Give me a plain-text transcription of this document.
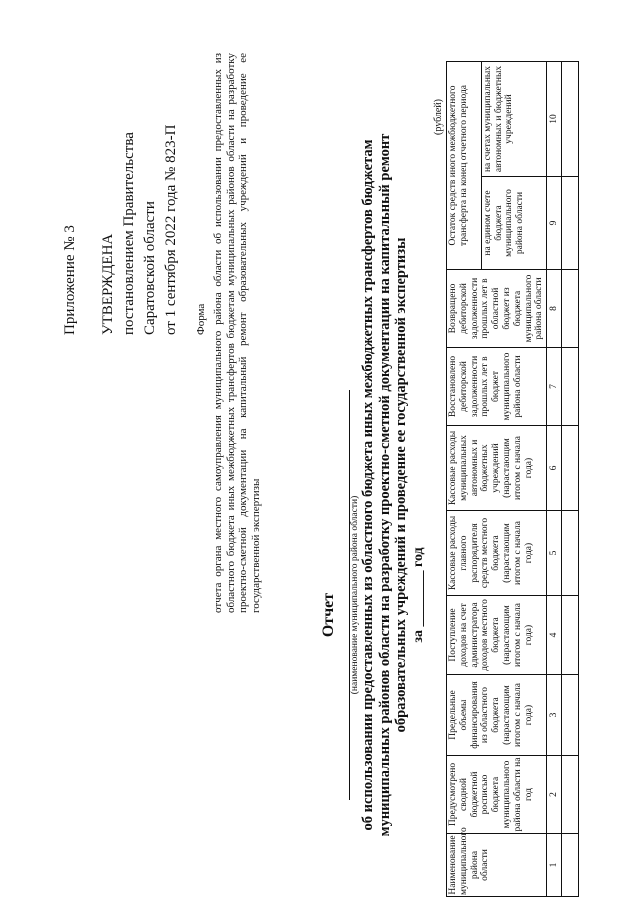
Приложение № 3 УТВЕРЖДЕНА постановлением Правительства Саратовской области от 1 сентября 2022 года № 823-П Форма отчета органа местного самоуправления муниципального района области об использовании предоставленных из областного бюджета иных межбюджетных трансфертов бюджетам муниципальных районов области на разработку проектно-сметной документации на капитальный ремонт образовательных учреждений и проведение ее государственной экспертизы
Отчет (наименование муниципального района области) об использовании предоставленных из областного бюджета иных межбюджетных трансфертов бюджетам муниципальных районов области на разработку проектно-сметной документации на капитальный ремонт образовательных учреждений и проведение ее государственной экспертизы за ________ год
(рублей)
Наименование муниципального района области	Предусмотрено сводной бюджетной росписью бюджета муниципального района области на год	Предельные объемы финансирования из областного бюджета (нарастающим итогом с начала года)	Поступление доходов на счет администратора доходов местного бюджета (нарастающим итогом с начала года)	Кассовые расходы главного распорядителя средств местного бюджета (нарастающим итогом с начала года)	Кассовые расходы муниципальных автономных и бюджетных учреждений (нарастающим итогом с начала года)	Восстановлено дебиторской задолженности прошлых лет в бюджет муниципального района области	Возвращено дебиторской задолженности прошлых лет в областной бюджет из бюджета муниципального района области	Остаток средств иного межбюджетного трансферта на конец отчетного периода	
								на едином счете бюджета муниципального района области	на счетах муниципальных автономных и бюджетных учреждений
1	2	3	4	5	6	7	8	9	10
